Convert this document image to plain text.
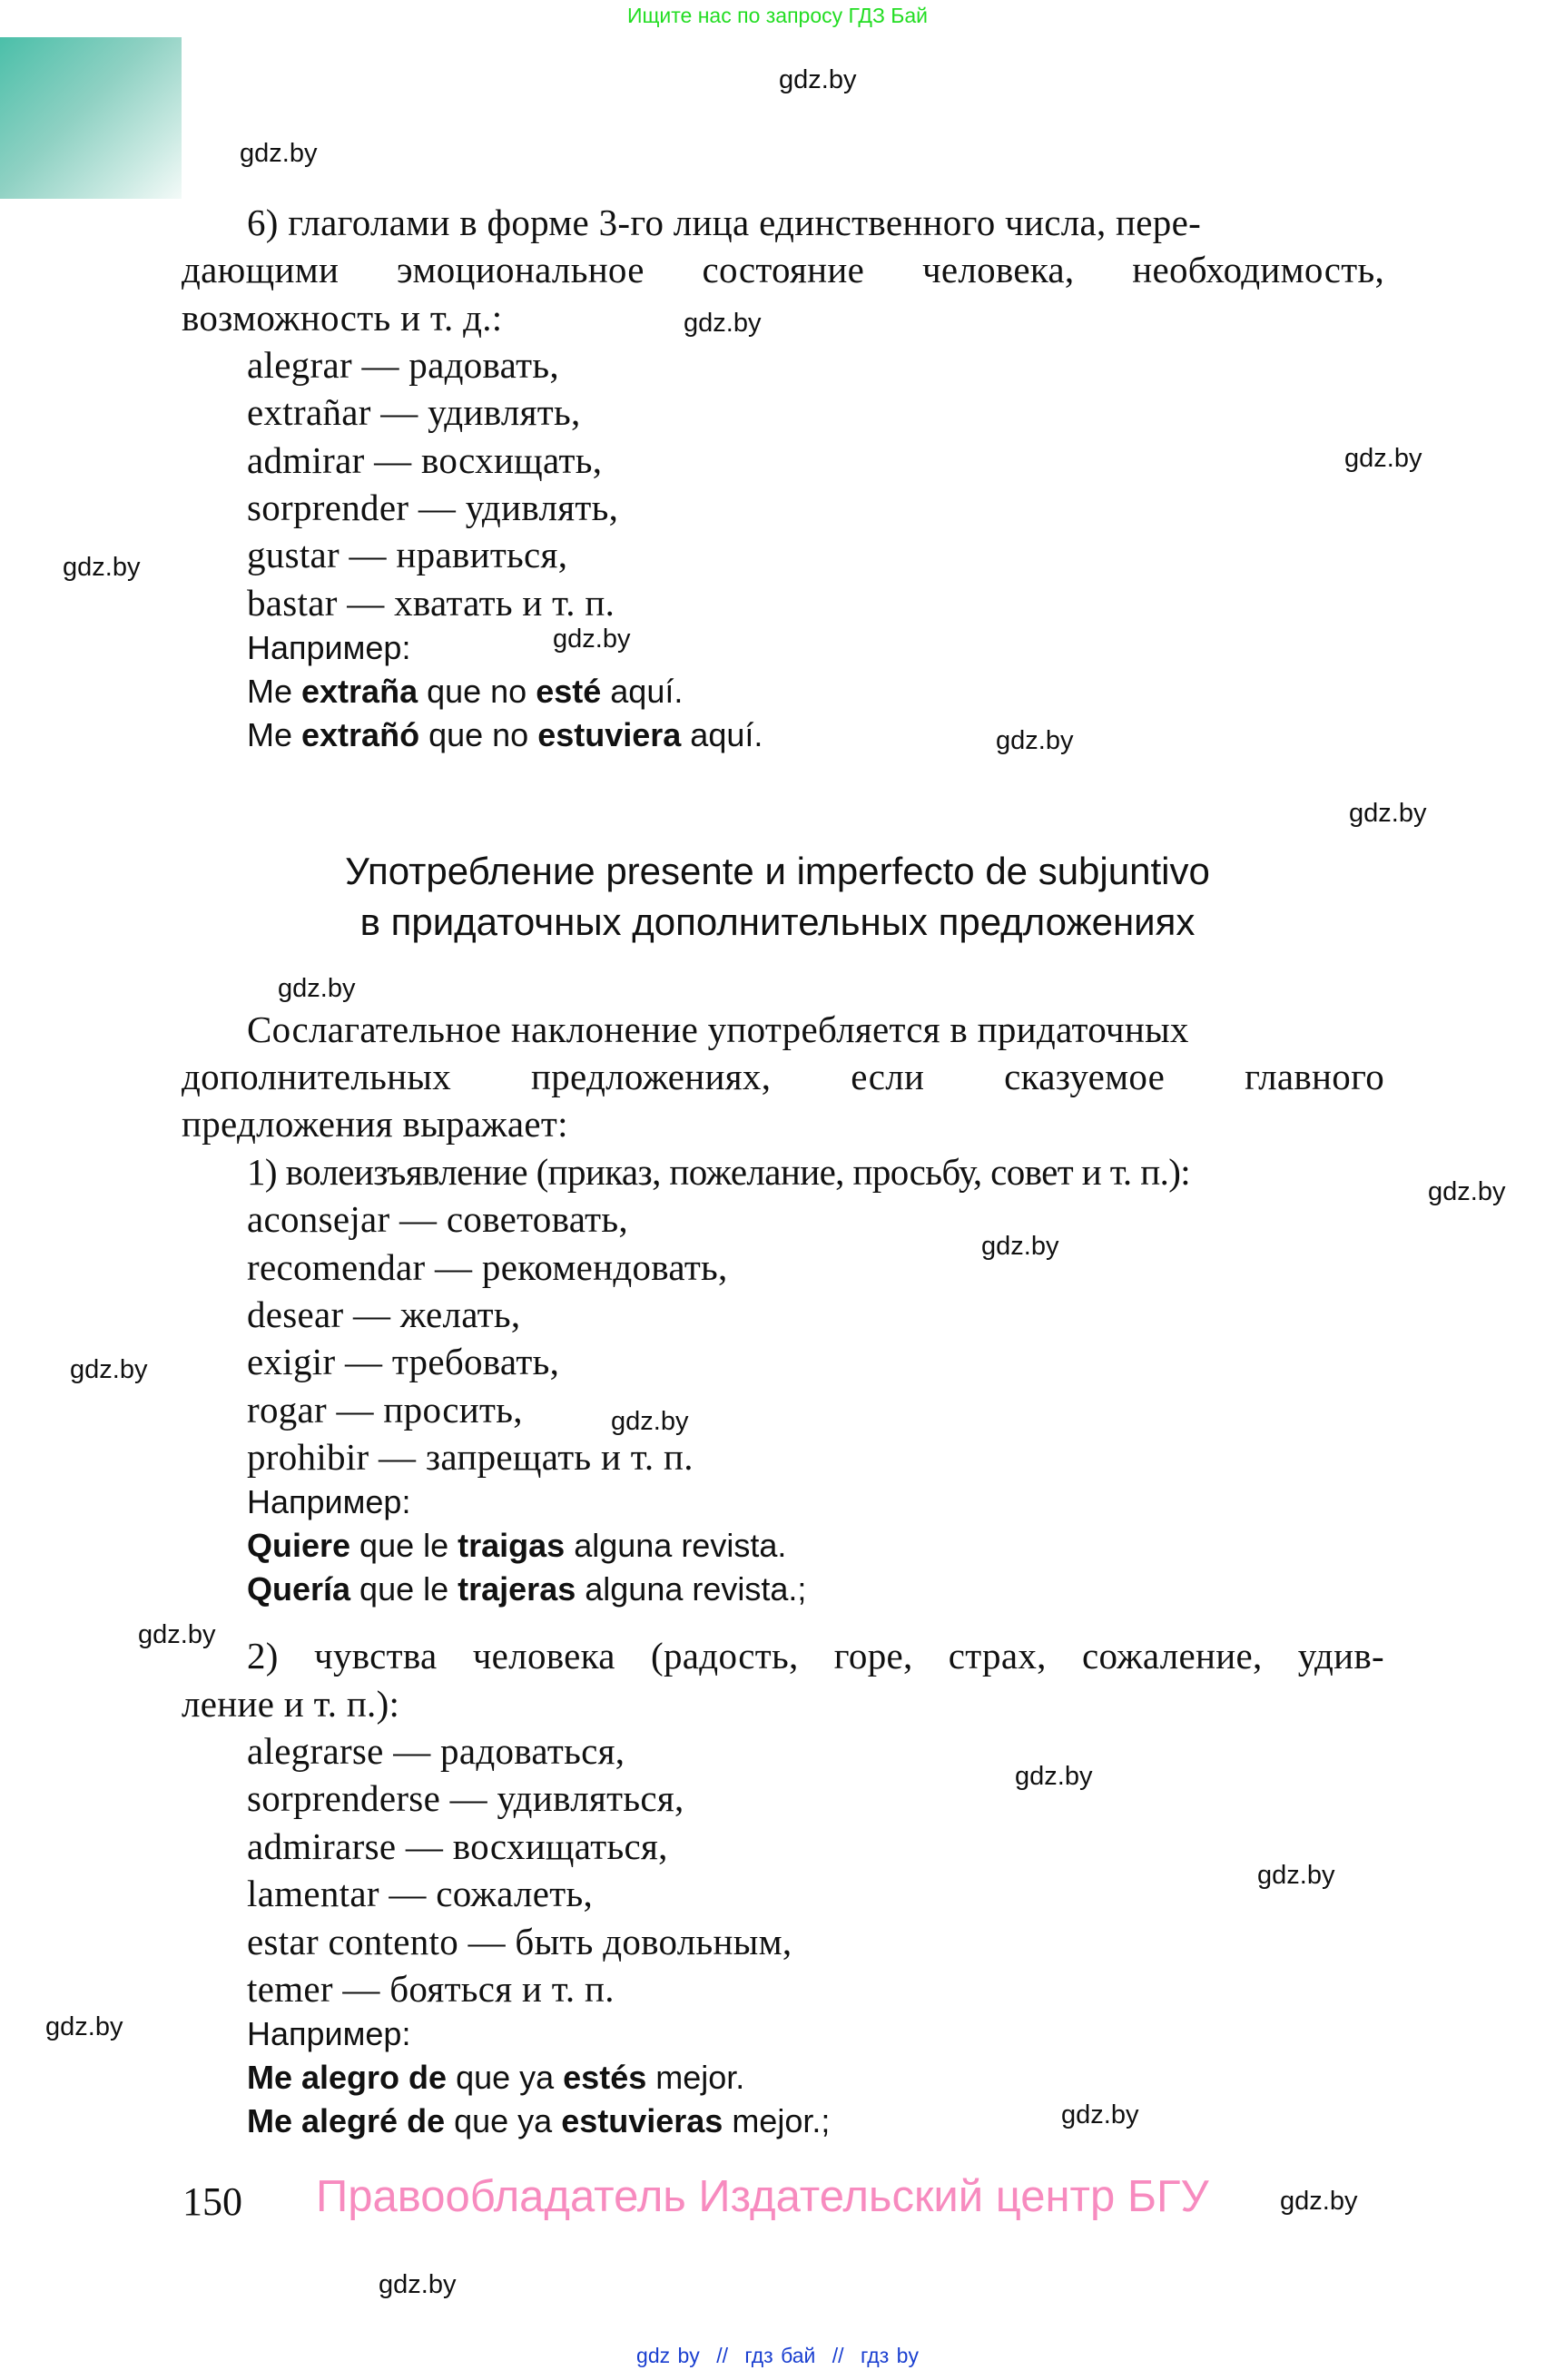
Ищите нас по запросу ГДЗ Бай
gdz.by
gdz.by
gdz.by
gdz.by
gdz.by
gdz.by
gdz.by
gdz.by
gdz.by
gdz.by
gdz.by
gdz.by
gdz.by
gdz.by
gdz.by
gdz.by
gdz.by
gdz.by
gdz.by
gdz.by
6) глаголами в форме 3-го лица единственного числа, пере-
дающими эмоциональное состояние человека, необходимость,
возможность и т. д.:
alegrar — радовать,
extrañar — удивлять,
admirar — восхищать,
sorprender — удивлять,
gustar — нравиться,
bastar — хватать и т. п.
Например:
Me extraña que no esté aquí.
Me extrañó que no estuviera aquí.
Употребление presente и imperfecto de subjuntivo
в придаточных дополнительных предложениях
Сослагательное наклонение употребляется в придаточных
дополнительных предложениях, если сказуемое главного
предложения выражает:
1) волеизъявление (приказ, пожелание, просьбу, совет и т. п.):
aconsejar — советовать,
recomendar — рекомендовать,
desear — желать,
exigir — требовать,
rogar — просить,
prohibir — запрещать и т. п.
Например:
Quiere que le traigas alguna revista.
Quería que le trajeras alguna revista.;
2) чувства человека (радость, горе, страх, сожаление, удив-
ление и т. п.):
alegrarse — радоваться,
sorprenderse — удивляться,
admirarse — восхищаться,
lamentar — сожалеть,
estar contento — быть довольным,
temer — бояться и т. п.
Например:
Me alegro de que ya estés mejor.
Me alegré de que ya estuvieras mejor.;
150 Правообладатель Издательский центр БГУ
gdz by // гдз бай // гдз by
